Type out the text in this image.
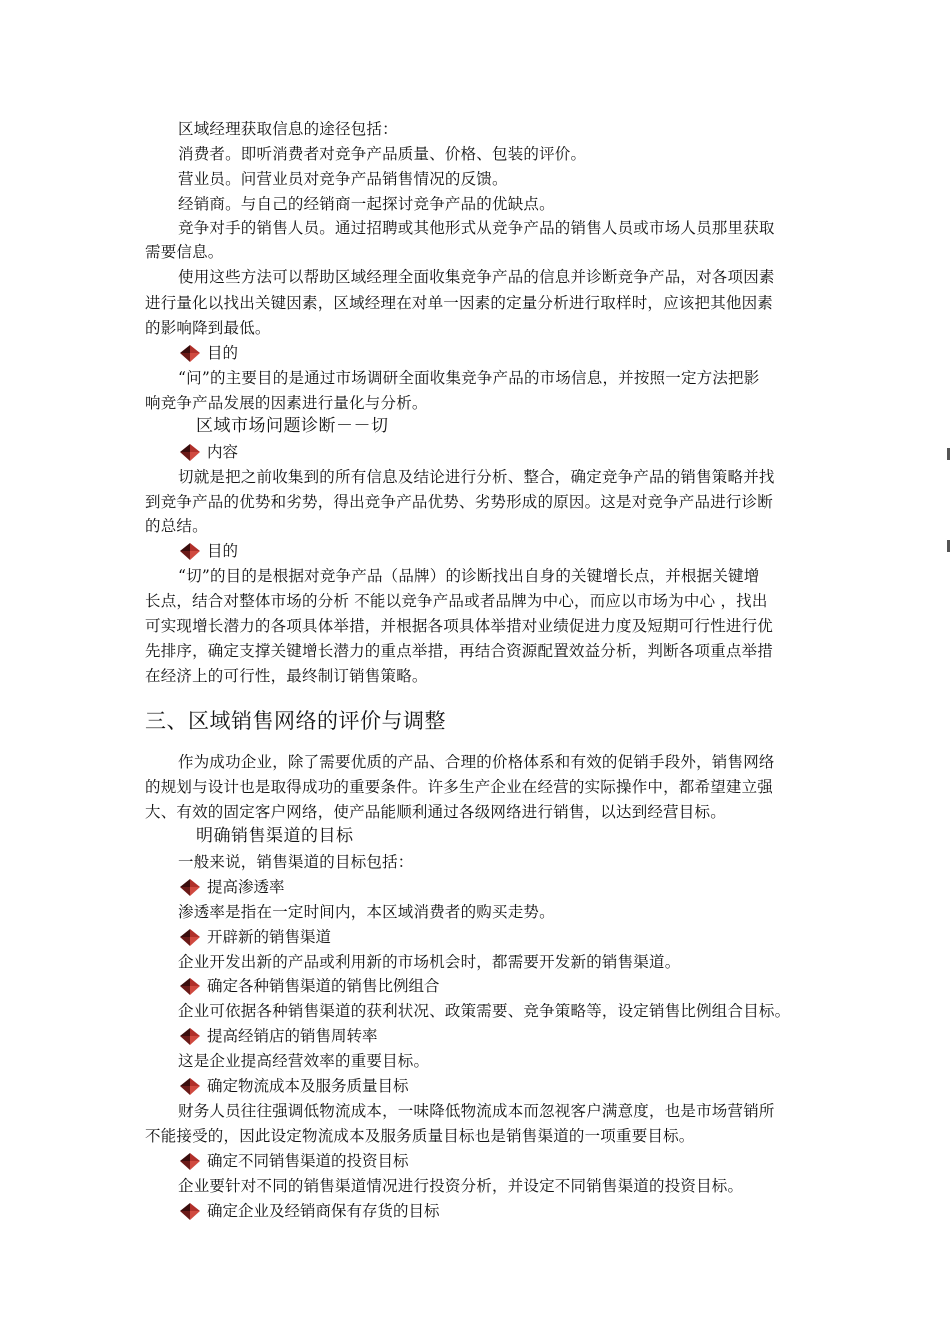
区域经理获取信息的途径包括：
消费者。即听消费者对竞争产品质量、价格、包装的评价。
营业员。问营业员对竞争产品销售情况的反馈。
经销商。与自己的经销商一起探讨竞争产品的优缺点。
竞争对手的销售人员。通过招聘或其他形式从竞争产品的销售人员或市场人员那里获取
需要信息。
使用这些方法可以帮助区域经理全面收集竞争产品的信息并诊断竞争产品，对各项因素
进行量化以找出关键因素，区域经理在对单一因素的定量分析进行取样时，应该把其他因素
的影响降到最低。
目的
“问”的主要目的是通过市场调研全面收集竞争产品的市场信息，并按照一定方法把影
响竞争产品发展的因素进行量化与分析。
区域市场问题诊断－－切
内容
切就是把之前收集到的所有信息及结论进行分析、整合，确定竞争产品的销售策略并找
到竞争产品的优势和劣势，得出竞争产品优势、劣势形成的原因。这是对竞争产品进行诊断
的总结。
目的
“切”的目的是根据对竞争产品（品牌）的诊断找出自身的关键增长点，并根据关键增
长点，结合对整体市场的分析 不能以竞争产品或者品牌为中心，而应以市场为中心 ，找出
可实现增长潜力的各项具体举措，并根据各项具体举措对业绩促进力度及短期可行性进行优
先排序，确定支撑关键增长潜力的重点举措，再结合资源配置效益分析，判断各项重点举措
在经济上的可行性，最终制订销售策略。
三、区域销售网络的评价与调整
作为成功企业，除了需要优质的产品、合理的价格体系和有效的促销手段外，销售网络
的规划与设计也是取得成功的重要条件。许多生产企业在经营的实际操作中，都希望建立强
大、有效的固定客户网络，使产品能顺利通过各级网络进行销售，以达到经营目标。
明确销售渠道的目标
一般来说，销售渠道的目标包括：
提高渗透率
渗透率是指在一定时间内，本区域消费者的购买走势。
开辟新的销售渠道
企业开发出新的产品或利用新的市场机会时，都需要开发新的销售渠道。
确定各种销售渠道的销售比例组合
企业可依据各种销售渠道的获利状况、政策需要、竞争策略等，设定销售比例组合目标。
提高经销店的销售周转率
这是企业提高经营效率的重要目标。
确定物流成本及服务质量目标
财务人员往往强调低物流成本，一味降低物流成本而忽视客户满意度，也是市场营销所
不能接受的，因此设定物流成本及服务质量目标也是销售渠道的一项重要目标。
确定不同销售渠道的投资目标
企业要针对不同的销售渠道情况进行投资分析，并设定不同销售渠道的投资目标。
确定企业及经销商保有存货的目标
